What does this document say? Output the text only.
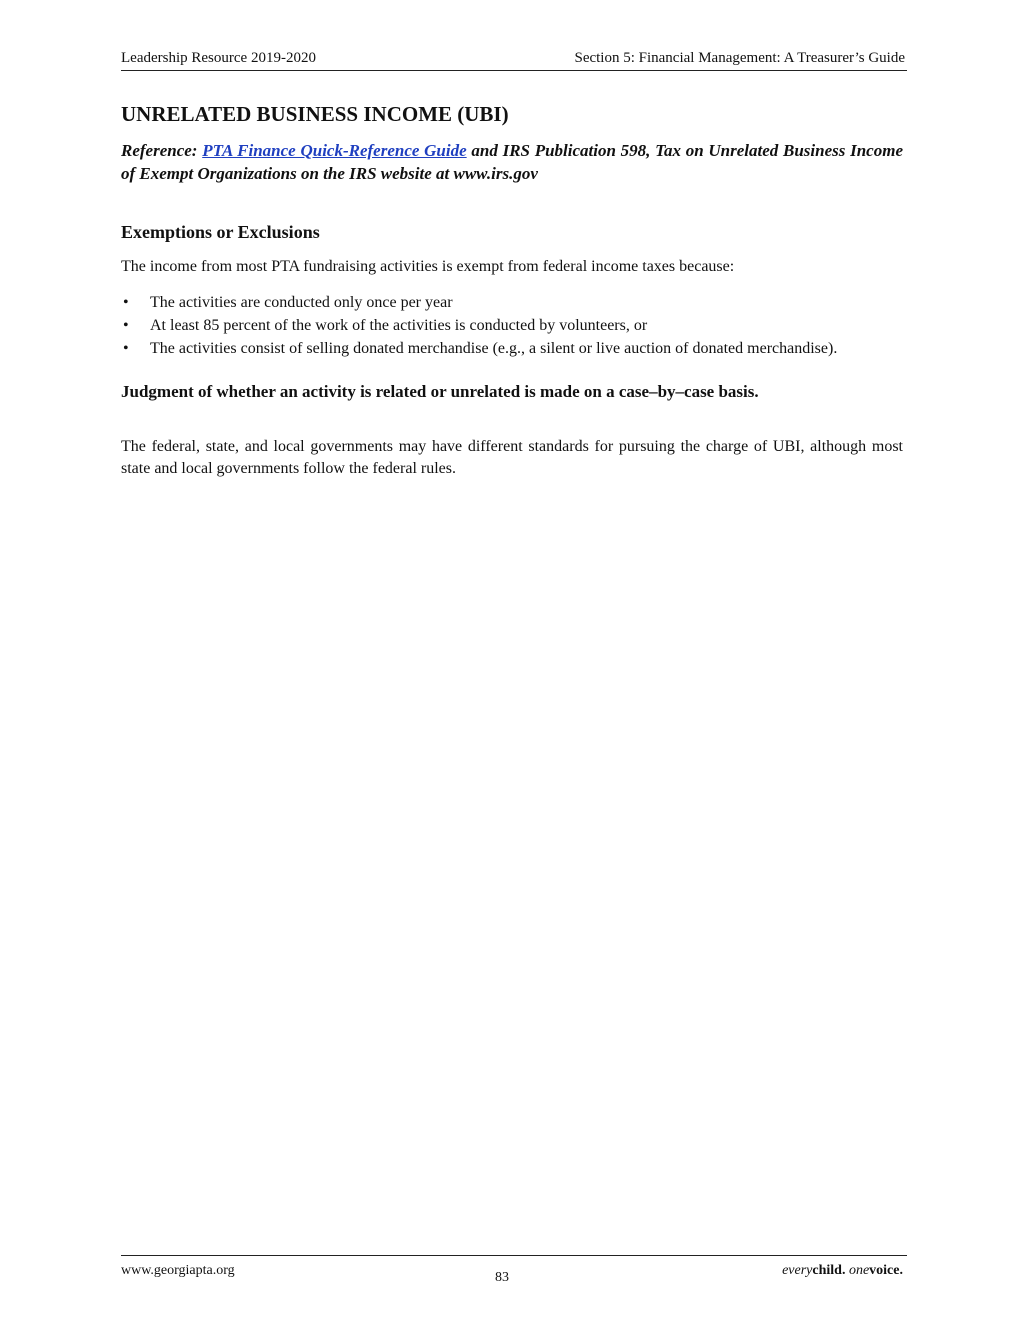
Leadership Resource 2019-2020	Section 5: Financial Management: A Treasurer’s Guide
UNRELATED BUSINESS INCOME (UBI)

Reference: PTA Finance Quick-Reference Guide and IRS Publication 598, Tax on Unrelated Business Income of Exempt Organizations on the IRS website at www.irs.gov

Exemptions or Exclusions

The income from most PTA fundraising activities is exempt from federal income taxes because:

• The activities are conducted only once per year
• At least 85 percent of the work of the activities is conducted by volunteers, or
• The activities consist of selling donated merchandise (e.g., a silent or live auction of donated merchandise).

Judgment of whether an activity is related or unrelated is made on a case–by–case basis.

The federal, state, and local governments may have different standards for pursuing the charge of UBI, although most state and local governments follow the federal rules.

www.georgiapta.org	83	everychild. onevoice.
